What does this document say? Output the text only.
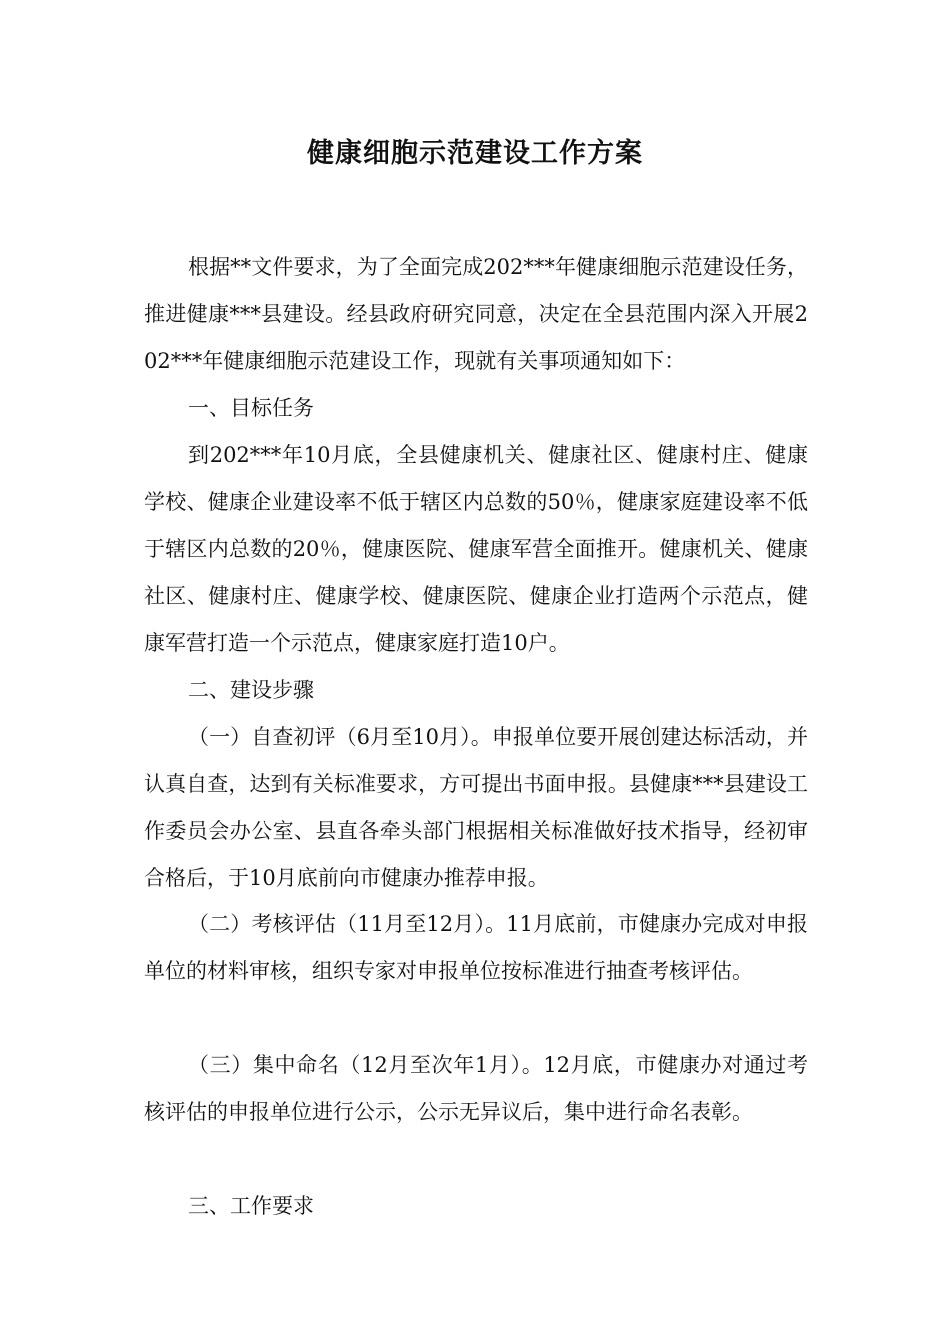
健康细胞示范建设工作方案
根据**文件要求，为了全面完成202***年健康细胞示范建设任务，推进健康***县建设。经县政府研究同意，决定在全县范围内深入开展202***年健康细胞示范建设工作，现就有关事项通知如下：
一、目标任务
到202***年10月底，全县健康机关、健康社区、健康村庄、健康学校、健康企业建设率不低于辖区内总数的50％，健康家庭建设率不低于辖区内总数的20％，健康医院、健康军营全面推开。健康机关、健康社区、健康村庄、健康学校、健康医院、健康企业打造两个示范点，健康军营打造一个示范点，健康家庭打造10户。
二、建设步骤
（一）自查初评（6月至10月）。申报单位要开展创建达标活动，并认真自查，达到有关标准要求，方可提出书面申报。县健康***县建设工作委员会办公室、县直各牵头部门根据相关标准做好技术指导，经初审合格后，于10月底前向市健康办推荐申报。
（二）考核评估（11月至12月）。11月底前，市健康办完成对申报单位的材料审核，组织专家对申报单位按标准进行抽查考核评估。
（三）集中命名（12月至次年1月）。12月底，市健康办对通过考核评估的申报单位进行公示，公示无异议后，集中进行命名表彰。
三、工作要求
